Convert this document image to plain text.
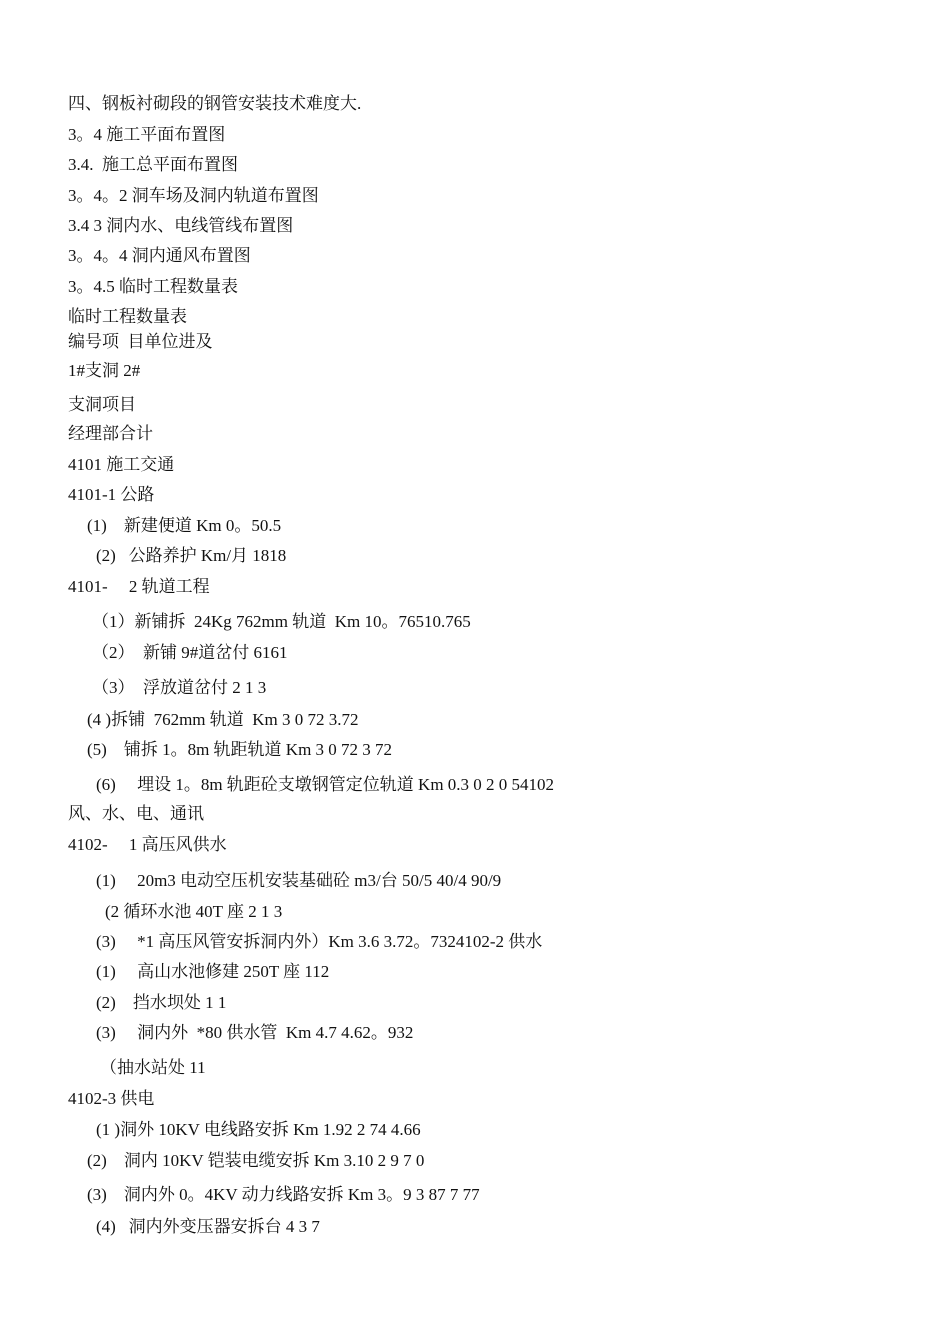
四、钢板衬砌段的钢管安装技术难度大.
3。4 施工平面布置图
3.4.  施工总平面布置图
3。4。2 洞车场及洞内轨道布置图
3.4 3 洞内水、电线管线布置图
3。4。4 洞内通风布置图
3。4.5 临时工程数量表
临时工程数量表
编号项  目单位进及
1#支洞 2#
支洞项目
经理部合计
4101 施工交通
4101-1 公路
(1)    新建便道 Km 0。50.5
(2)   公路养护 Km/月 1818
4101-     2 轨道工程
（1）新铺拆  24Kg 762mm 轨道  Km 10。76510.765
（2）  新铺 9#道岔付 6161
（3）  浮放道岔付 2 1 3
(4 )拆铺  762mm 轨道  Km 3 0 72 3.72
(5)    铺拆 1。8m 轨距轨道 Km 3 0 72 3 72
(6)     埋设 1。8m 轨距砼支墩钢管定位轨道 Km 0.3 0 2 0 54102
风、水、电、通讯
4102-     1 高压风供水
(1)     20m3 电动空压机安装基础砼 m3/台 50/5 40/4 90/9
(2 循环水池 40T 座 2 1 3
(3)     *1 高压风管安拆洞内外）Km 3.6 3.72。7324102-2 供水
(1)     高山水池修建 250T 座 112
(2)    挡水坝处 1 1
(3)     洞内外  *80 供水管  Km 4.7 4.62。932
（抽水站处 11
4102-3 供电
(1 )洞外 10KV 电线路安拆 Km 1.92 2 74 4.66
(2)    洞内 10KV 铠装电缆安拆 Km 3.10 2 9 7 0
(3)    洞内外 0。4KV 动力线路安拆 Km 3。9 3 87 7 77
(4)   洞内外变压器安拆台 4 3 7
